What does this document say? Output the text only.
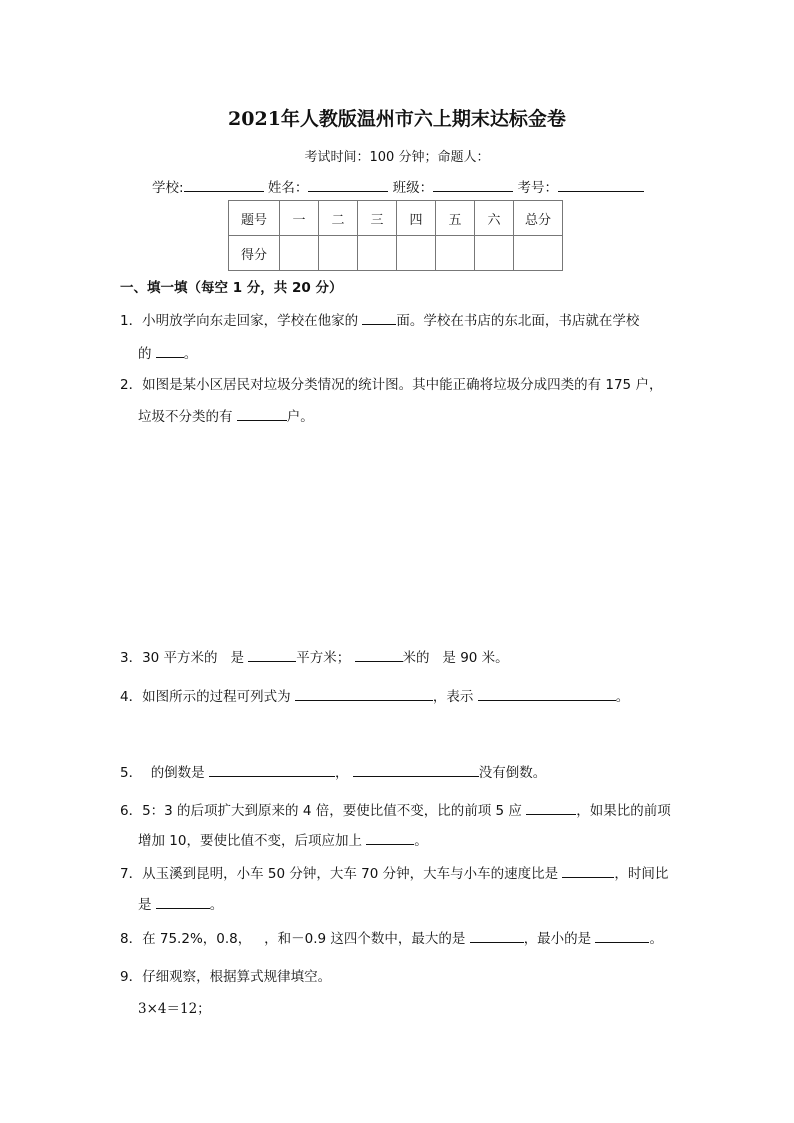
2021年人教版温州市六上期末达标金卷
考试时间：100 分钟；命题人：
学校:	姓名：	班级：	考号：
题号	一	二	三	四	五	六	总分
得分							
一、填一填（每空 1 分，共 20 分）
1．小明放学向东走回家，学校在他家的	面。学校在书店的东北面，书店就在学校
的 。
2．如图是某小区居民对垃圾分类情况的统计图。其中能正确将垃圾分成四类的有 175 户，
垃圾不分类的有	户。
3．30 平方米的 是	平方米；	米的 是 90 米。
4．如图所示的过程可列式为	，表示	。
5． 的倒数是	，	没有倒数。
6．5：3 的后项扩大到原来的 4 倍，要使比值不变，比的前项 5 应	，如果比的前项
增加 10，要使比值不变，后项应加上	。
7．从玉溪到昆明，小车 50 分钟，大车 70 分钟，大车与小车的速度比是	，时间比
是	。
8．在 75.2%，0.8， ，和－0.9 这四个数中，最大的是	，最小的是	。
9．仔细观察，根据算式规律填空。
3×4＝12；
